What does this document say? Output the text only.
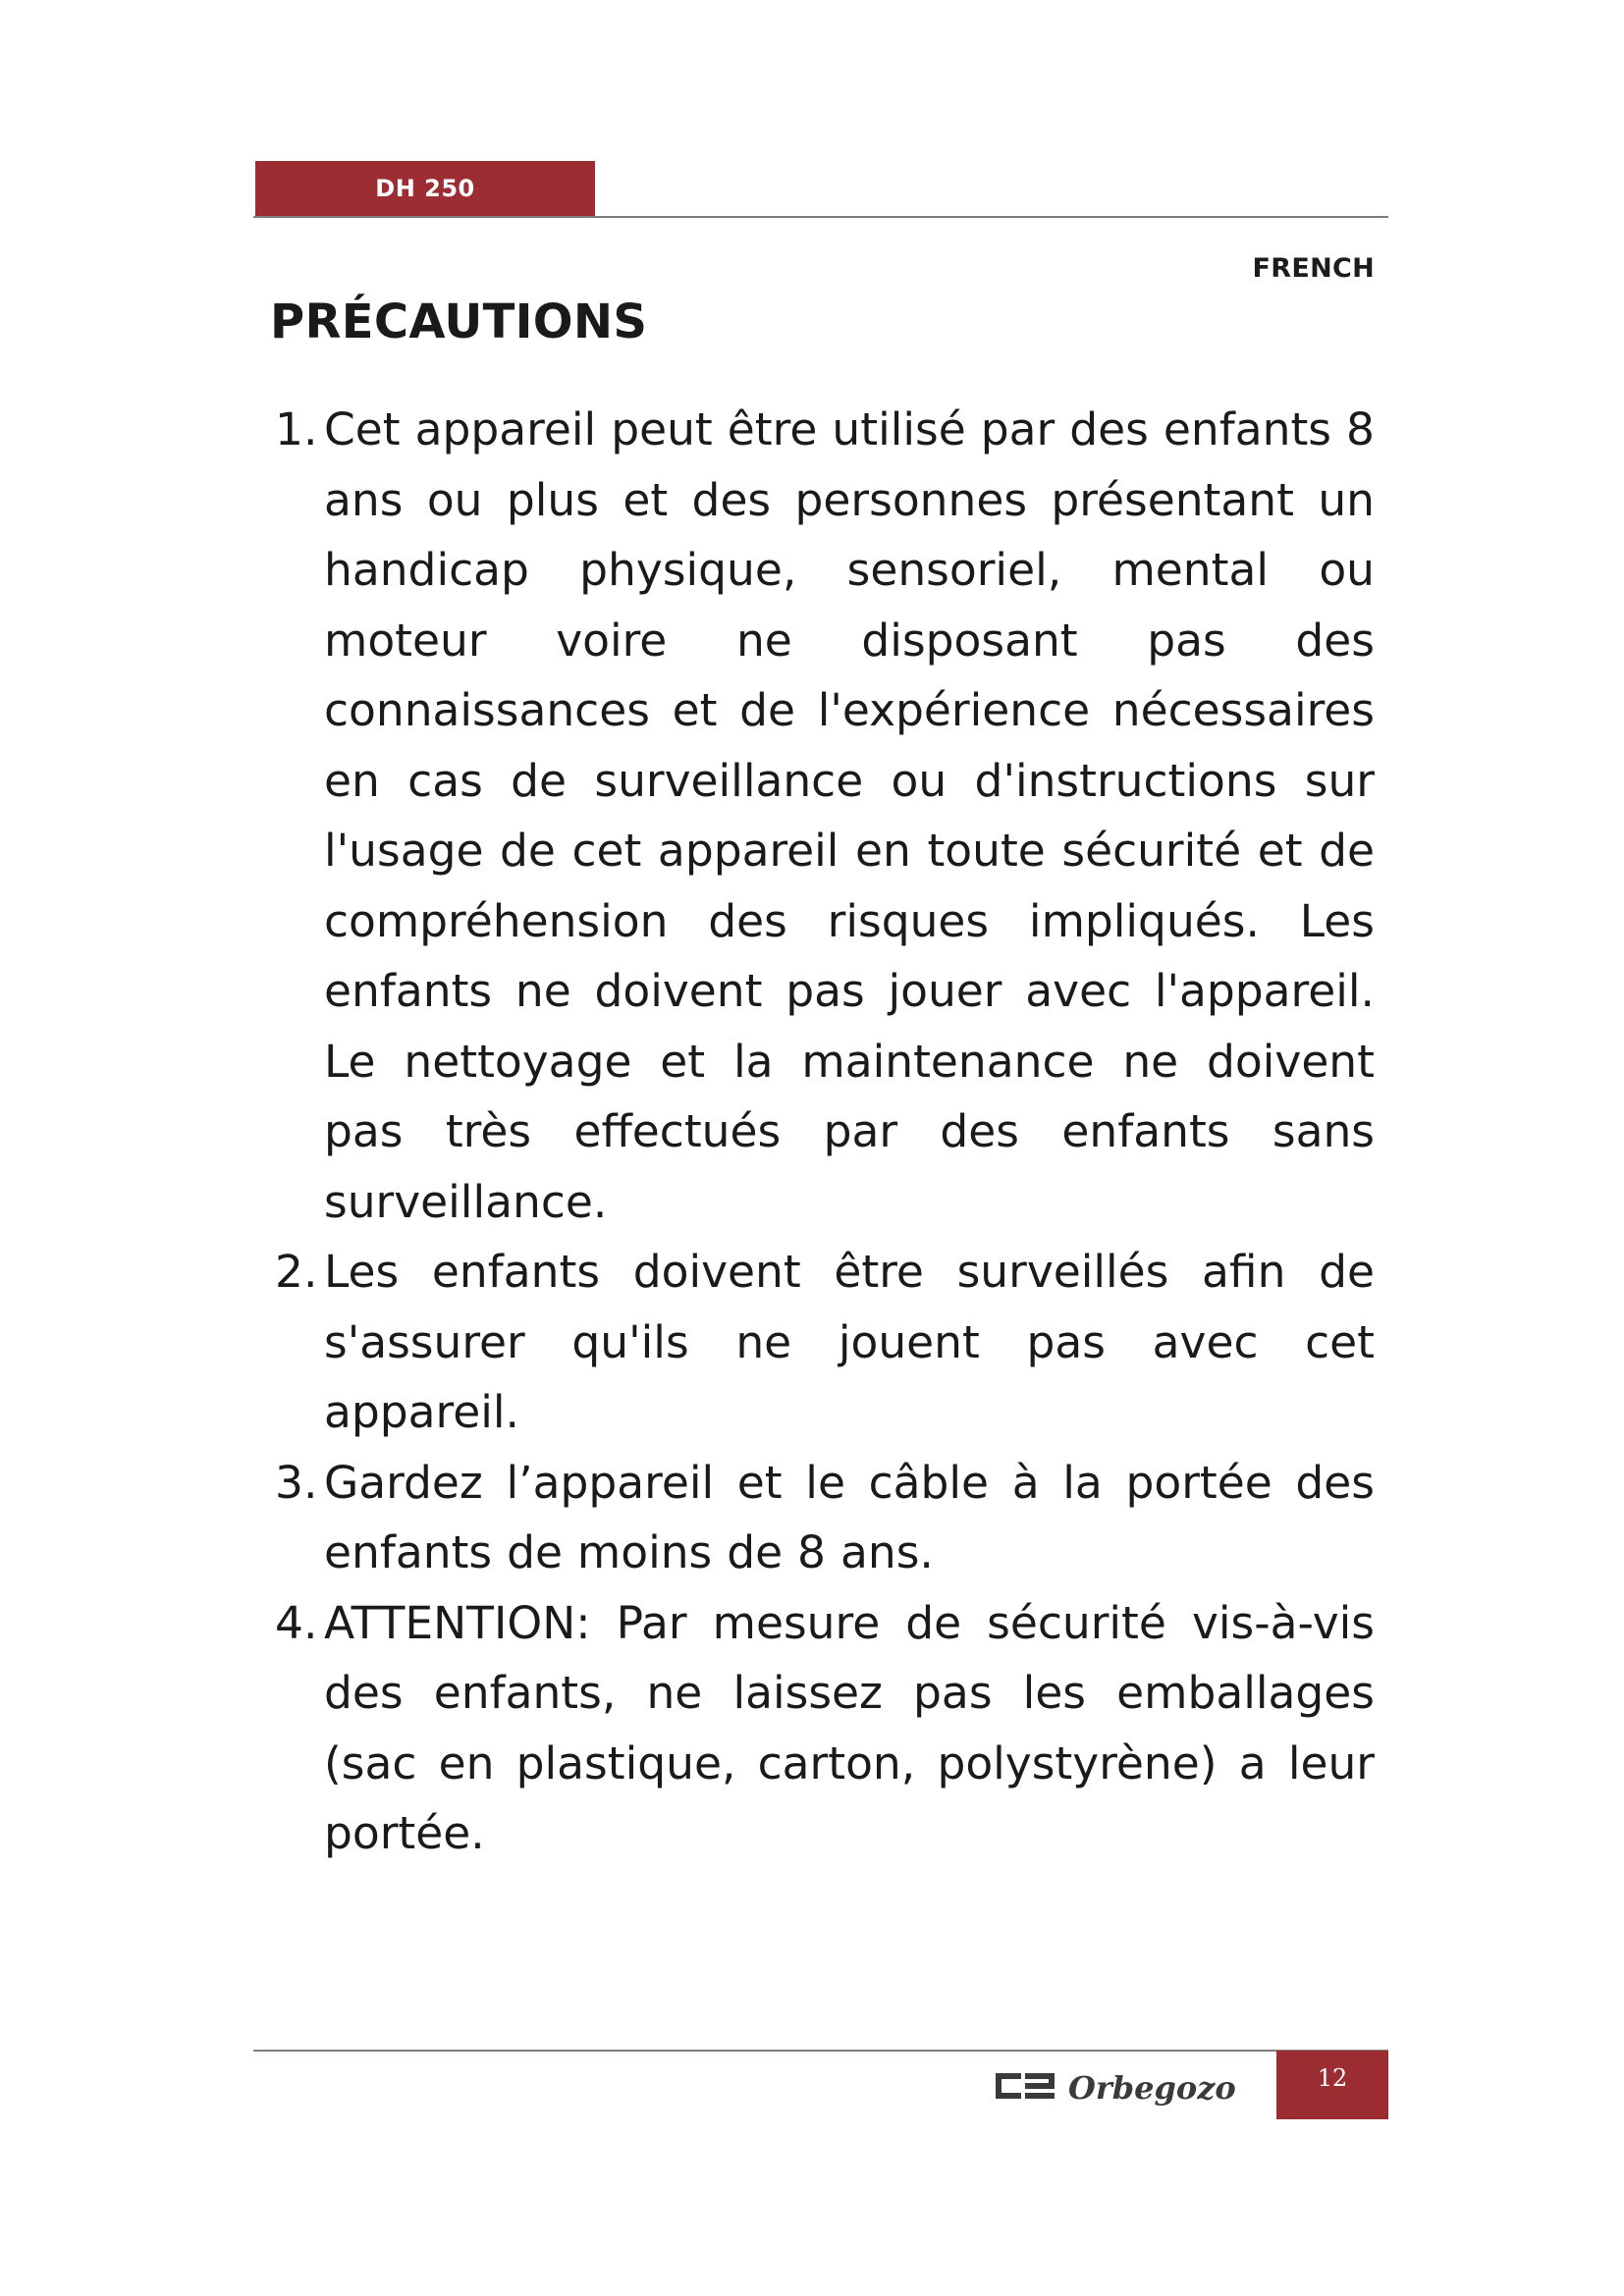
DH 250
FRENCH
PRÉCAUTIONS
1. Cet appareil peut être utilisé par des enfants 8 ans ou plus et des personnes présentant un handicap physique, sensoriel, mental ou moteur voire ne disposant pas des connaissances et de l'expérience nécessaires en cas de surveillance ou d'instructions sur l'usage de cet appareil en toute sécurité et de compréhension des risques impliqués. Les enfants ne doivent pas jouer avec l'appareil. Le nettoyage et la maintenance ne doivent pas très effectués par des enfants sans surveillance.
2. Les enfants doivent être surveillés afin de s'assurer qu'ils ne jouent pas avec cet appareil.
3. Gardez l’appareil et le câble à la portée des enfants de moins de 8 ans.
4. ATTENTION: Par mesure de sécurité vis-à-vis des enfants, ne laissez pas les emballages (sac en plastique, carton, polystyrène) a leur portée.
Orbegozo	12
